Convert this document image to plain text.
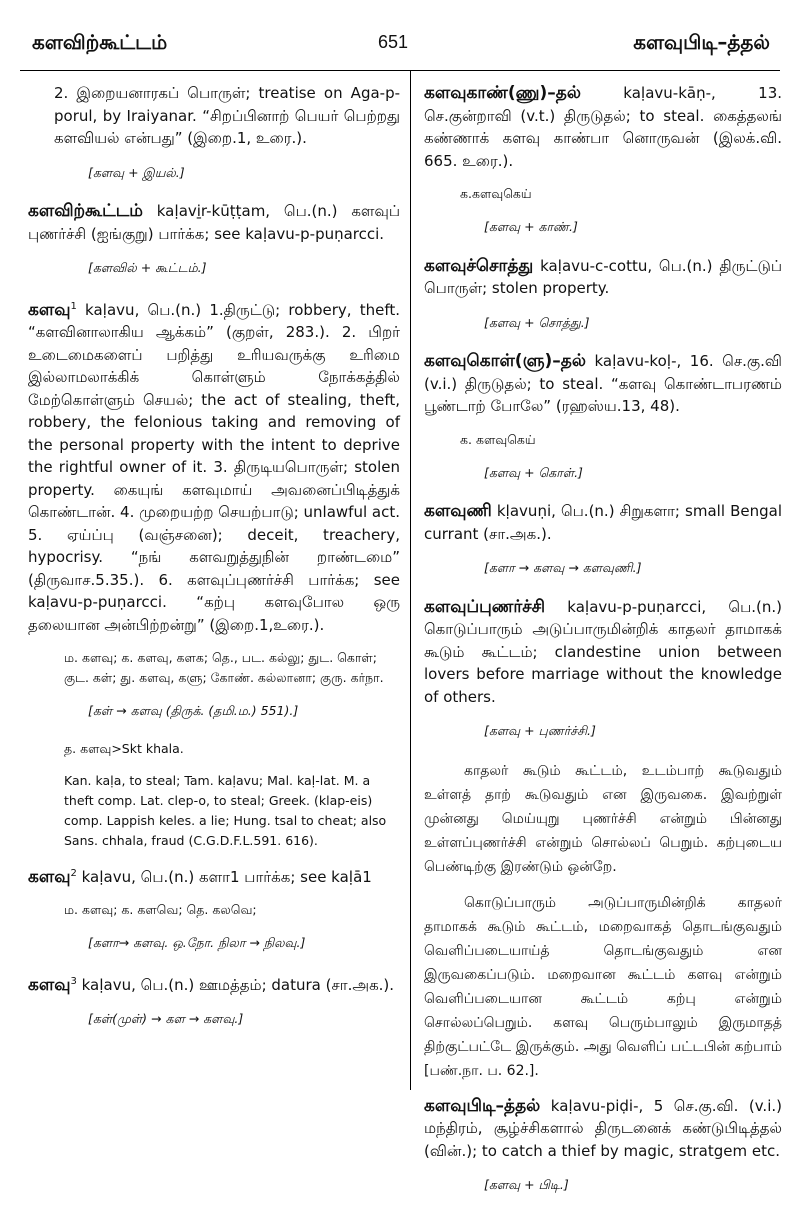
களவிற்கூட்டம்	651	களவுபிடி–த்தல்

2. இறையனாரகப் பொருள்; treatise on Aga-p-porul, by Iraiyanar. “சிறப்பினாற் பெயர் பெற்றது களவியல் என்பது” (இறை.1, உரை.).

[களவு + இயல்.]

களவிற்கூட்டம் kaḷavi̱r-kūṭṭam, பெ.(n.) களவுப் புணர்ச்சி (ஐங்குறு) பார்க்க; see kaḷavu-p-puṇarcci.

[களவில் + கூட்டம்.]

களவு$^1$ kaḷavu, பெ.(n.) 1.திருட்டு; robbery, theft. “களவினாலாகிய ஆக்கம்” (குறள், 283.). 2. பிறர் உடைமைகளைப் பறித்து உரியவருக்கு உரிமை இல்லாமலாக்கிக் கொள்ளும் நோக்கத்தில் மேற்கொள்ளும் செயல்; the act of stealing, theft, robbery, the felonious taking and removing of the personal property with the intent to deprive the rightful owner of it. 3. திருடியபொருள்; stolen property. கையுங் களவுமாய் அவனைப்பிடித்துக் கொண்டான். 4. முறையற்ற செயற்பாடு; unlawful act. 5. ஏய்ப்பு (வஞ்சனை); deceit, treachery, hypocrisy. “நங் களவறுத்துநின் றாண்டமை” (திருவாச.5.35.). 6. களவுப்புணர்ச்சி பார்க்க; see kaḷavu-p-puṇarcci. “கற்பு களவுபோல ஒரு தலையான அன்பிற்றன்று” (இறை.1,உரை.).

ம. களவு; க. களவு, களக; தெ., பட. கல்லு; துட. கொள்; குட. கள்; து. களவு, களு; கோண். கல்லானா; குரு. கர்நா.
[கள் → களவு (திருக். (தமி.ம.) 551).]
த. களவு>Skt khala.
Kan. kaḷa, to steal; Tam. kaḷavu; Mal. kaḷ-lat. M. a theft comp. Lat. clep-o, to steal; Greek. (klap-eis) comp. Lappish keles. a lie; Hung. tsal to cheat; also Sans. chhala, fraud (C.G.D.F.L.591. 616).

களவு$^2$ kaḷavu, பெ.(n.) களா1 பார்க்க; see kaḷā1

ம. களவு; க. களவெ; தெ. கலவெ;
[களா→ களவு. ஒ.நோ. நிலா → நிலவு.]

களவு$^3$ kaḷavu, பெ.(n.) ஊமத்தம்; datura (சா.அக.).

[கள்(முள்) → கள → களவு.]

களவுகாண்(ணு)–தல் kaḷavu-kāṇ-, 13. செ.குன்றாவி (v.t.) திருடுதல்; to steal. கைத்தலங் கண்ணாக் களவு காண்பா னொருவன் (இலக்.வி. 665. உரை.).

க.களவுகெய்
[களவு + காண்.]

களவுச்சொத்து kaḷavu-c-cottu, பெ.(n.) திருட்டுப் பொருள்; stolen property.

[களவு + சொத்து.]

களவுகொள்(ளு)–தல் kaḷavu-koḷ-, 16. செ.கு.வி (v.i.) திருடுதல்; to steal. “களவு கொண்டாபரணம் பூண்டாற் போலே” (ரஹஸ்ய.13, 48).

க. களவுகெய்
[களவு + கொள்.]

களவுணி kḷavuṇi, பெ.(n.) சிறுகளா; small Bengal currant (சா.அக.).

[களா → களவு → களவுணி.]

களவுப்புணர்ச்சி kaḷavu-p-puṇarcci, பெ.(n.) கொடுப்பாரும் அடுப்பாருமின்றிக் காதலர் தாமாகக் கூடும் கூட்டம்; clandestine union between lovers before marriage without the knowledge of others.

[களவு + புணர்ச்சி.]

காதலர் கூடும் கூட்டம், உடம்பாற் கூடுவதும் உள்ளத் தாற் கூடுவதும் என இருவகை. இவற்றுள் முன்னது மெய்யுறு புணர்ச்சி என்றும் பின்னது உள்ளப்புணர்ச்சி என்றும் சொல்லப் பெறும். கற்புடைய பெண்டிற்கு இரண்டும் ஒன்றே.

கொடுப்பாரும் அடுப்பாருமின்றிக் காதலர் தாமாகக் கூடும் கூட்டம், மறைவாகத் தொடங்குவதும் வெளிப்படையாய்த் தொடங்குவதும் என இருவகைப்படும். மறைவான கூட்டம் களவு என்றும் வெளிப்படையான கூட்டம் கற்பு என்றும் சொல்லப்பெறும். களவு பெரும்பாலும் இருமாதத் திற்குட்பட்டே இருக்கும். அது வெளிப் பட்டபின் கற்பாம் [பண்.நா. ப. 62.].

களவுபிடி–த்தல் kaḷavu-piḍi-, 5 செ.கு.வி. (v.i.) மந்திரம், சூழ்ச்சிகளால் திருடனைக் கண்டுபிடித்தல் (வின்.); to catch a thief by magic, stratgem etc.

[களவு + பிடி.]
